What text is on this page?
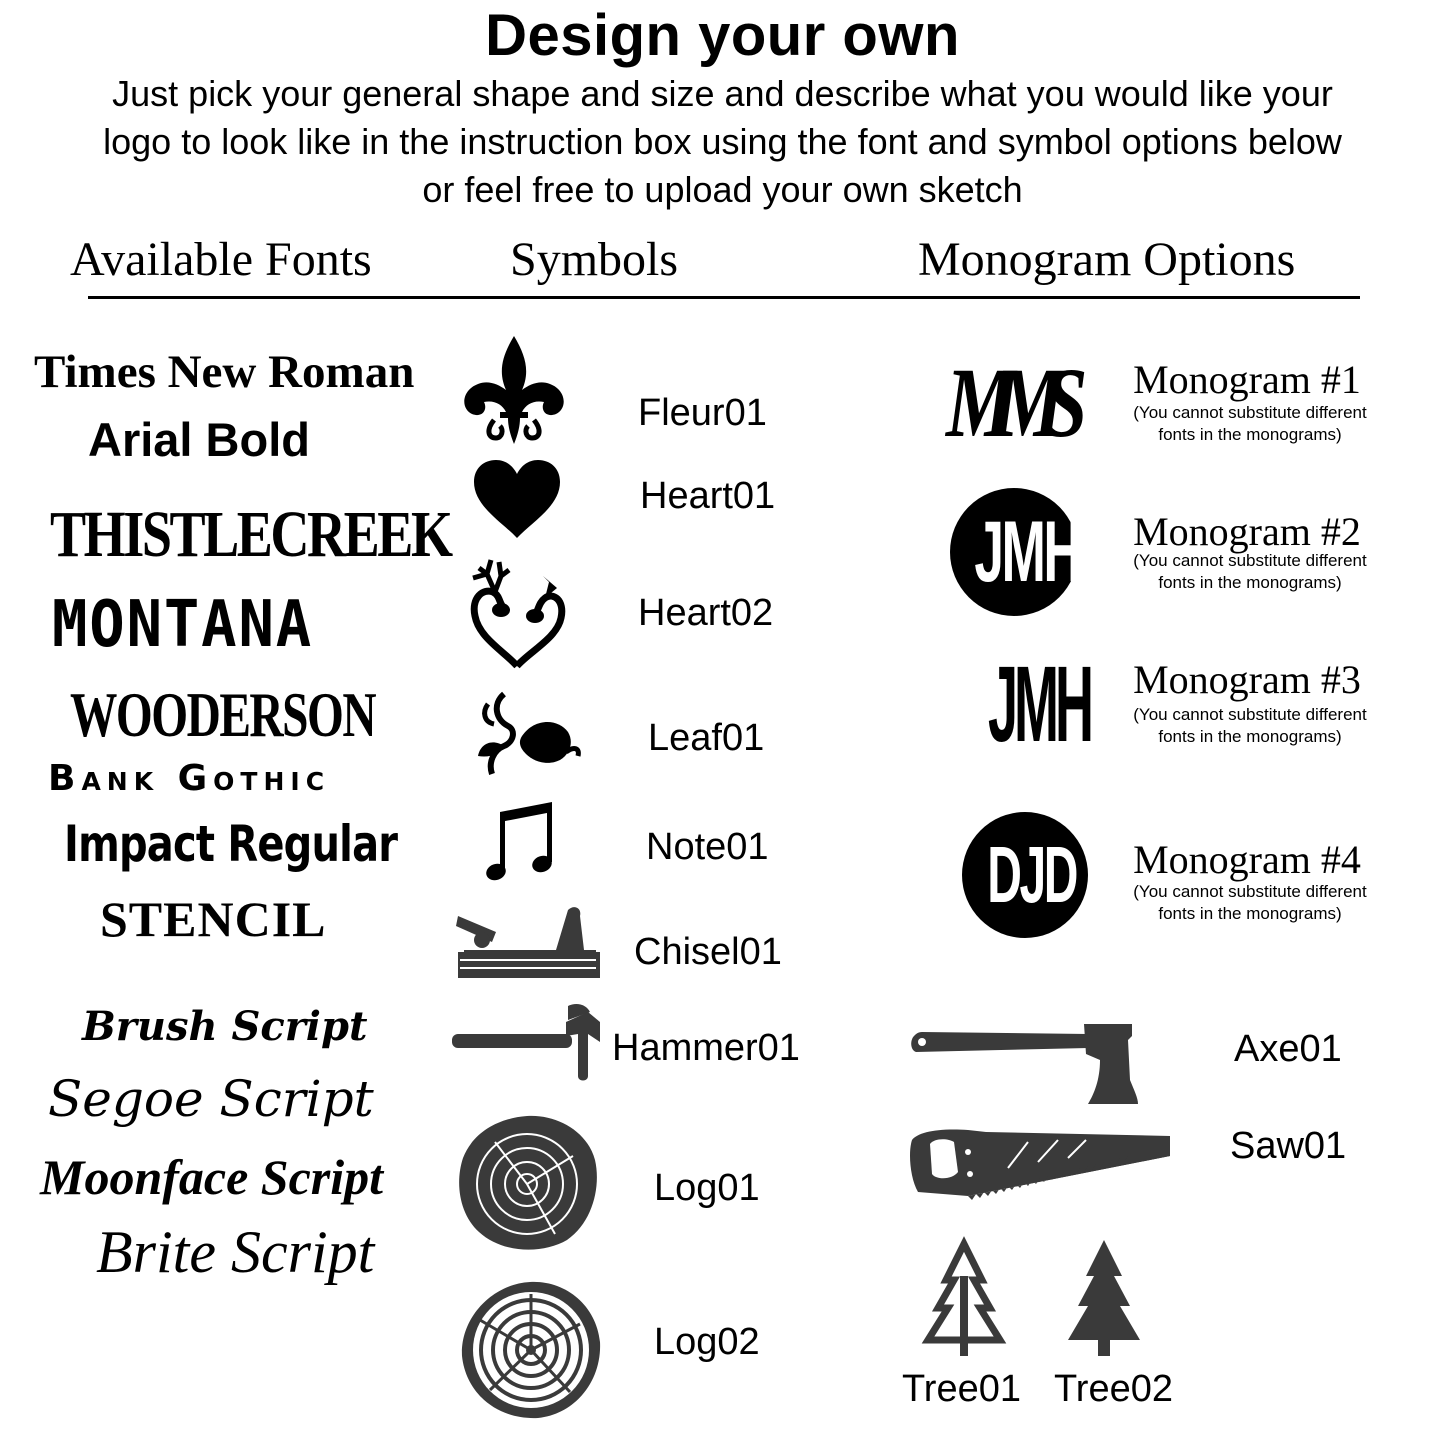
Design your own
Just pick your general shape and size and describe what you would like your
logo to look like in the instruction box using the font and symbol options below
or feel free to upload your own sketch
Available Fonts	Symbols	Monogram Options
Times New Roman
Arial Bold
THISTLECREEK
MONTANA
WOODERSON
Bank Gothic
Impact Regular
STENCIL
Brush Script
Segoe Script
Moonface Script
Brite Script
Fleur01
Heart01
Heart02
Leaf01
Note01
Chisel01
Hammer01
Log01
Log02
MMS
JMH
JMH
DJD
Monogram #1
(You cannot substitute different
fonts in the monograms)
Monogram #2
(You cannot substitute different
fonts in the monograms)
Monogram #3
(You cannot substitute different
fonts in the monograms)
Monogram #4
(You cannot substitute different
fonts in the monograms)
Axe01
Saw01
Tree01 Tree02
